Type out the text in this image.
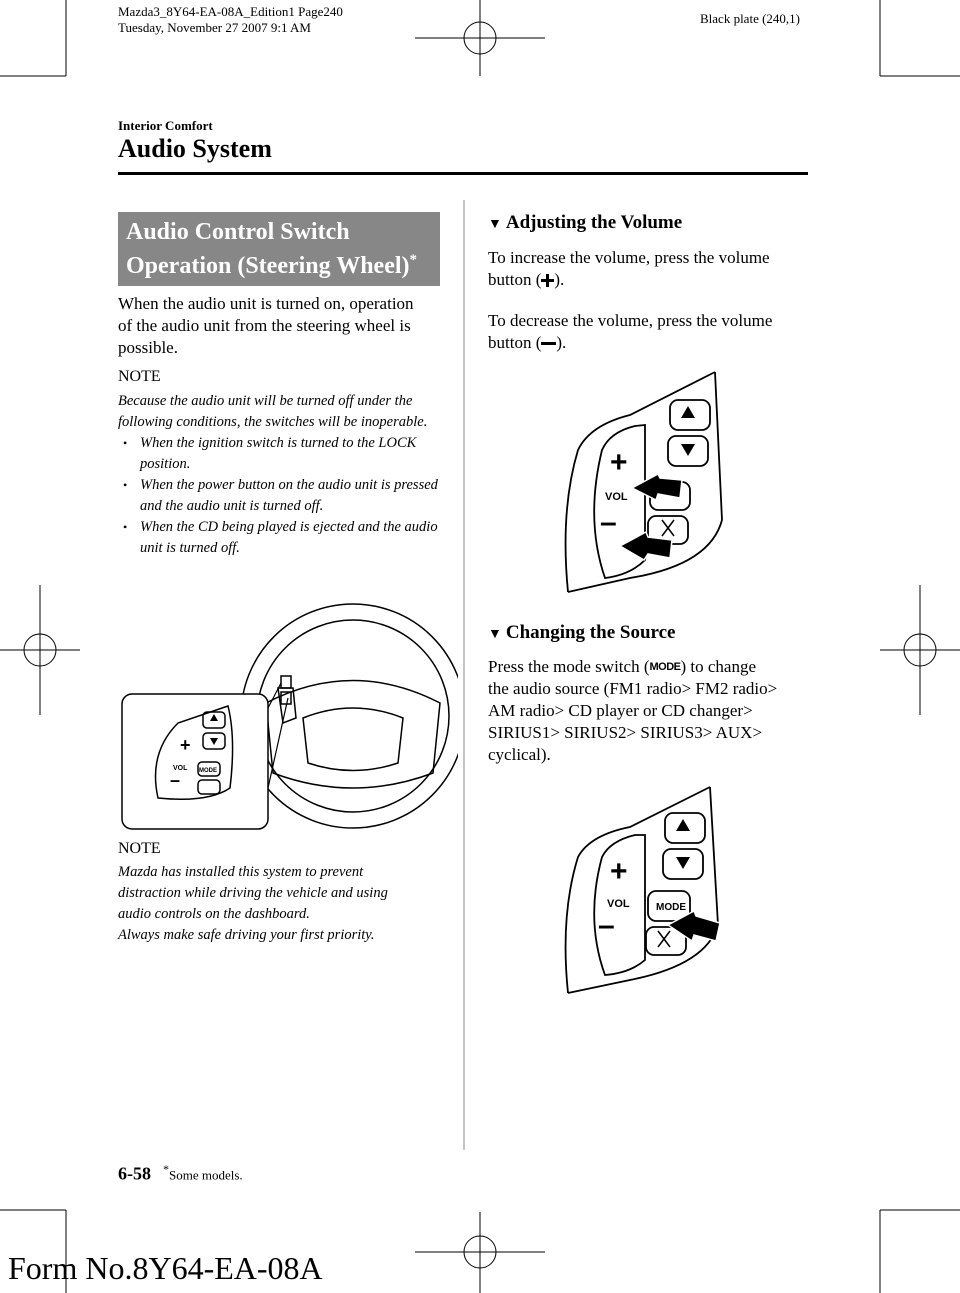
Mazda3_8Y64-EA-08A_Edition1 Page240
Tuesday, November 27 2007 9:1 AM
Black plate (240,1)
Interior Comfort
Audio System
Audio Control Switch
Operation (Steering Wheel)*
When the audio unit is turned on, operation of the audio unit from the steering wheel is possible.
NOTE
Because the audio unit will be turned off under the following conditions, the switches will be inoperable.
• When the ignition switch is turned to the LOCK position.
• When the power button on the audio unit is pressed and the audio unit is turned off.
• When the CD being played is ejected and the audio unit is turned off.
+
–
VOL MODE
NOTE
Mazda has installed this system to prevent
distraction while driving the vehicle and using
audio controls on the dashboard.
Always make safe driving your first priority.
▼ Adjusting the Volume
To increase the volume, press the volume
button ( ).
To decrease the volume, press the volume
button ( ).
+
–
VOL
▼ Changing the Source
Press the mode switch (MODE) to change
the audio source (FM1 radio> FM2 radio>
AM radio> CD player or CD changer>
SIRIUS1> SIRIUS2> SIRIUS3> AUX>
cyclical).
+
–
VOL	MODE
6-58 *Some models.
Form No.8Y64-EA-08A
